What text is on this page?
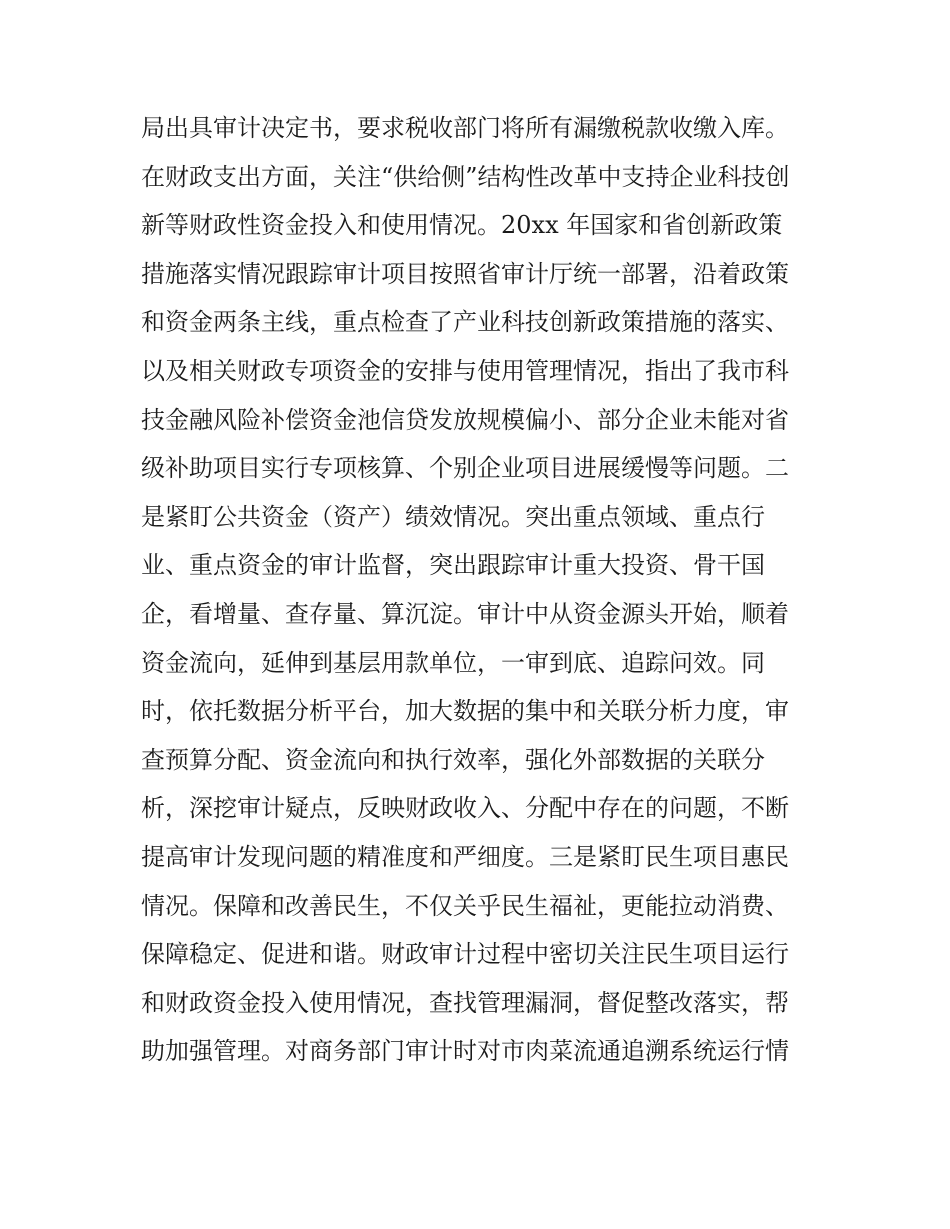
局出具审计决定书，要求税收部门将所有漏缴税款收缴入库。
在财政支出方面，关注“供给侧”结构性改革中支持企业科技创
新等财政性资金投入和使用情况。20xx 年国家和省创新政策
措施落实情况跟踪审计项目按照省审计厅统一部署，沿着政策
和资金两条主线，重点检查了产业科技创新政策措施的落实、
以及相关财政专项资金的安排与使用管理情况，指出了我市科
技金融风险补偿资金池信贷发放规模偏小、部分企业未能对省
级补助项目实行专项核算、个别企业项目进展缓慢等问题。二
是紧盯公共资金（资产）绩效情况。突出重点领域、重点行
业、重点资金的审计监督，突出跟踪审计重大投资、骨干国
企，看增量、查存量、算沉淀。审计中从资金源头开始，顺着
资金流向，延伸到基层用款单位，一审到底、追踪问效。同
时，依托数据分析平台，加大数据的集中和关联分析力度，审
查预算分配、资金流向和执行效率，强化外部数据的关联分
析，深挖审计疑点，反映财政收入、分配中存在的问题，不断
提高审计发现问题的精准度和严细度。三是紧盯民生项目惠民
情况。保障和改善民生，不仅关乎民生福祉，更能拉动消费、
保障稳定、促进和谐。财政审计过程中密切关注民生项目运行
和财政资金投入使用情况，查找管理漏洞，督促整改落实，帮
助加强管理。对商务部门审计时对市肉菜流通追溯系统运行情
